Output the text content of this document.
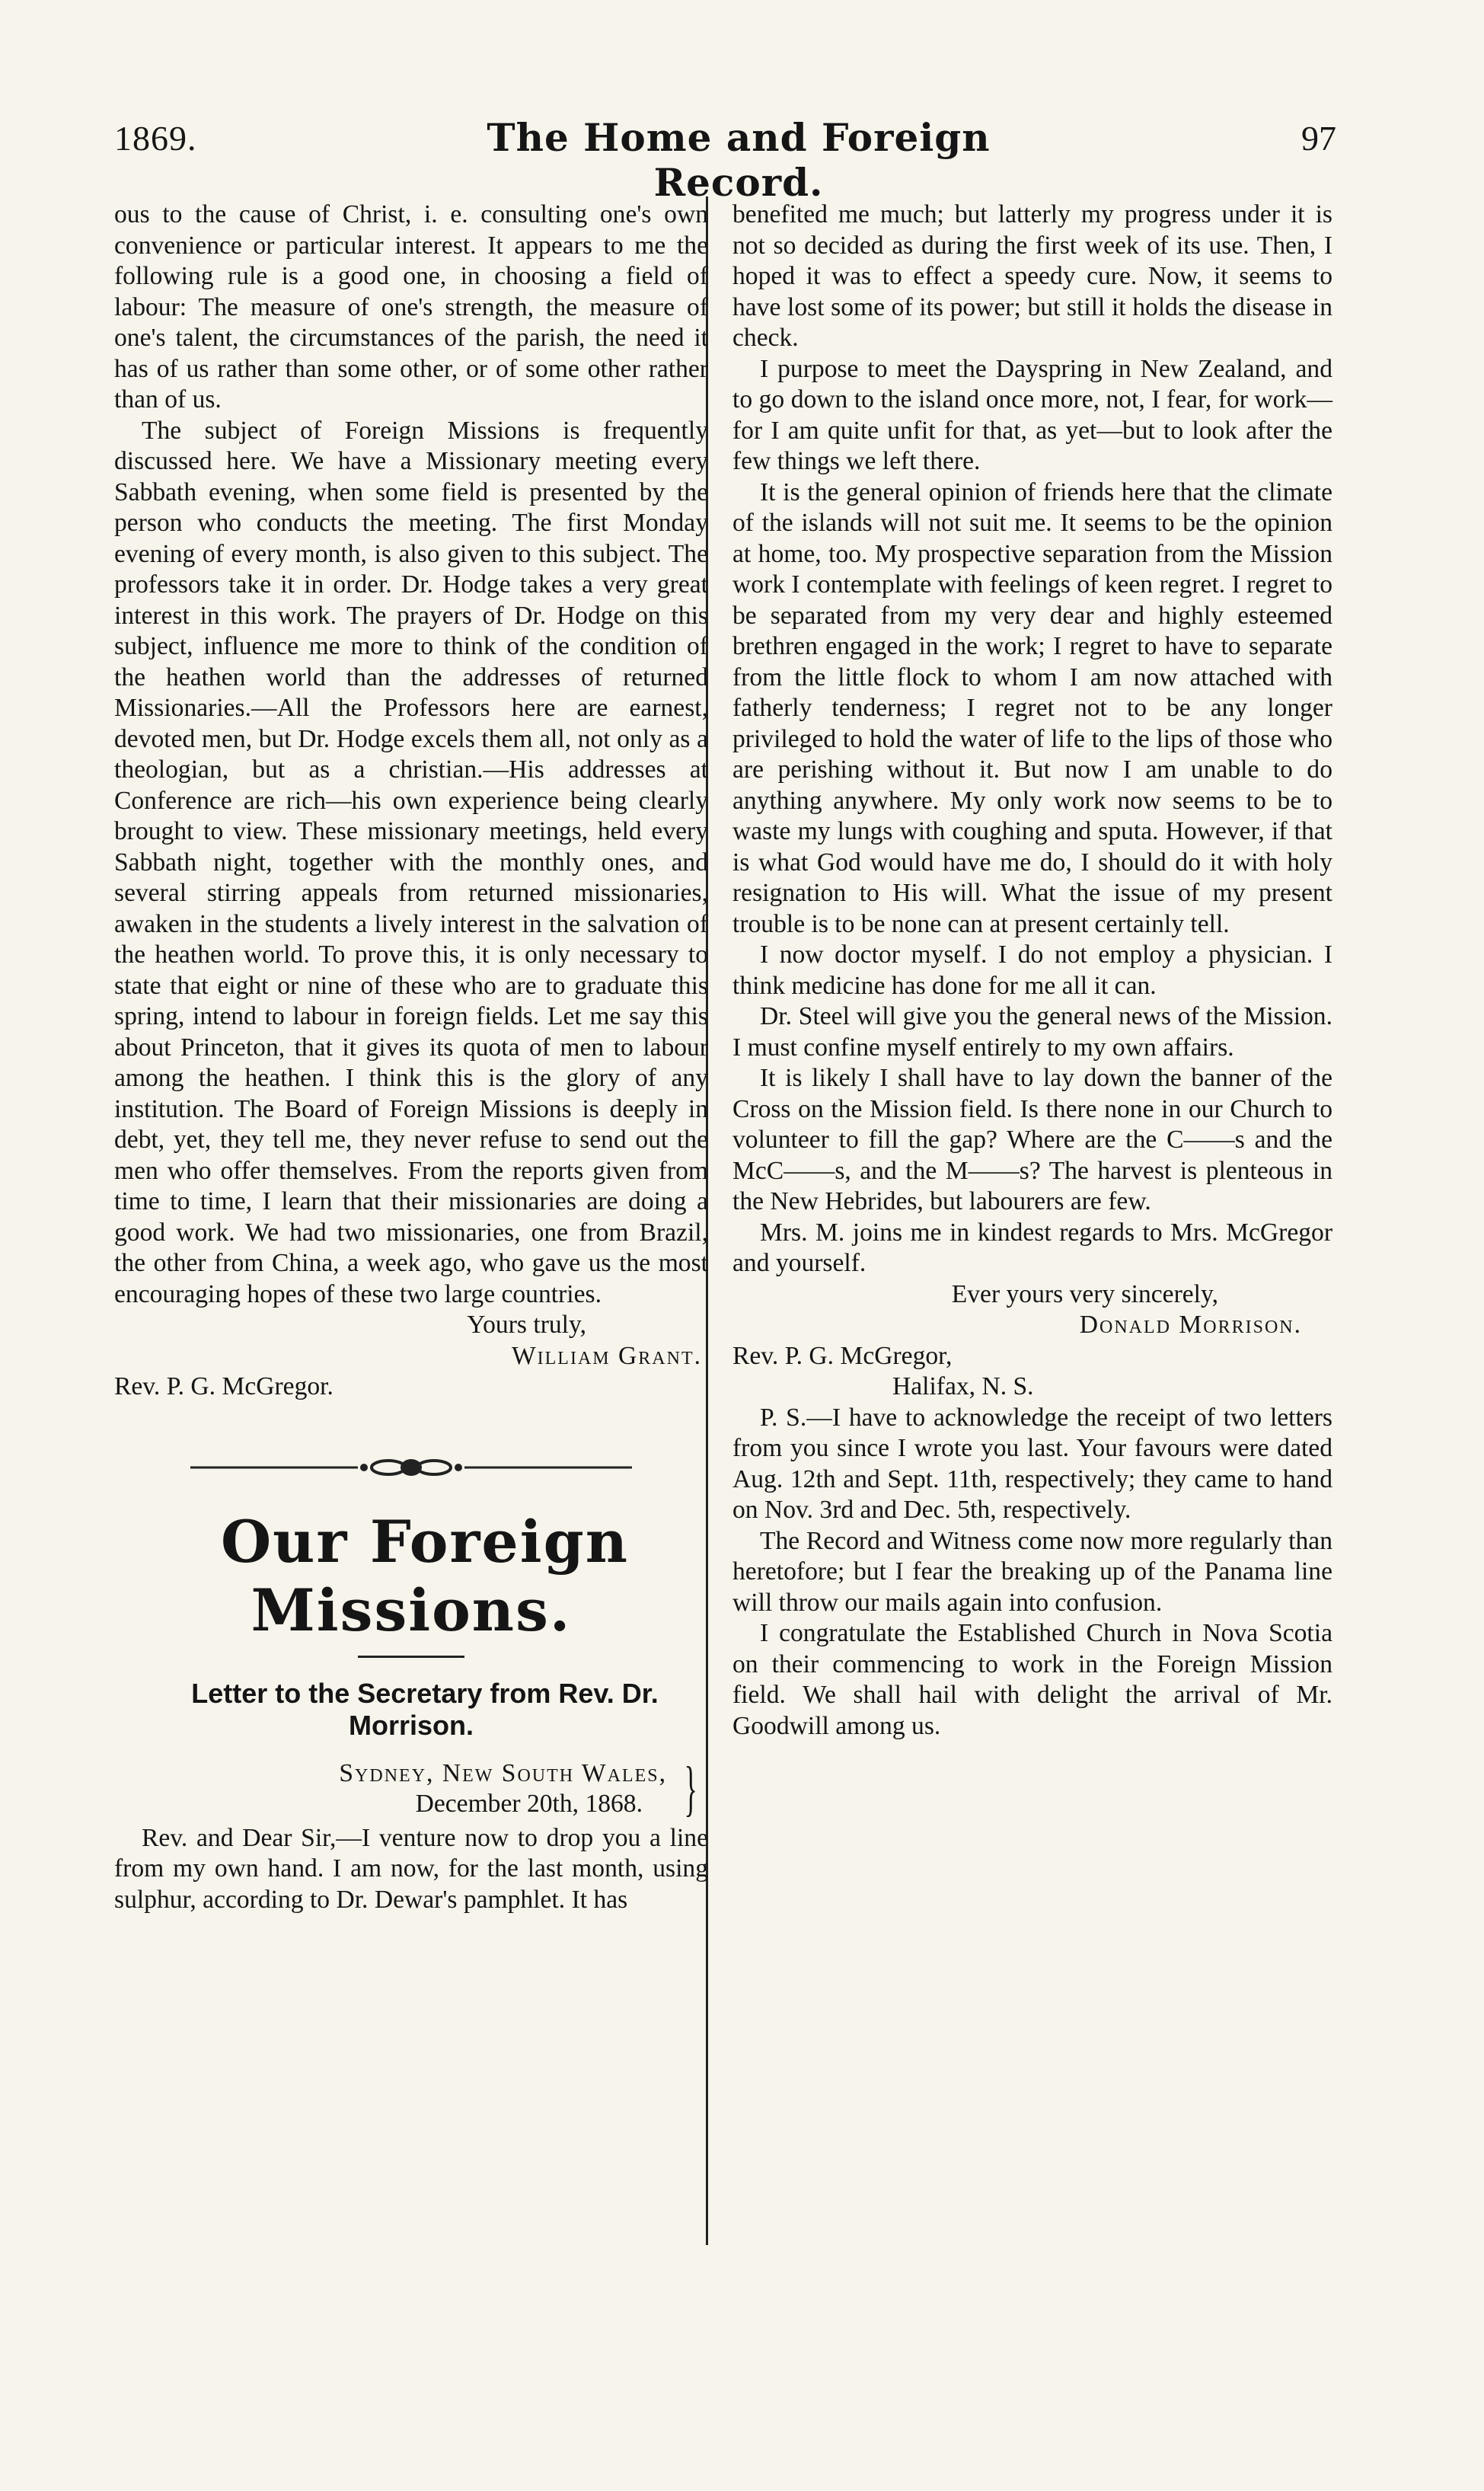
1869.	The Home and Foreign Record.
97

ous to the cause of Christ, i. e. consulting one's own convenience or particular interest. It appears to me the following rule is a good one, in choosing a field of labour: The measure of one's strength, the measure of one's talent, the circumstances of the parish, the need it has of us rather than some other, or of some other rather than of us.

The subject of Foreign Missions is frequently discussed here. We have a Missionary meeting every Sabbath evening, when some field is presented by the person who conducts the meeting. The first Monday evening of every month, is also given to this subject. The professors take it in order. Dr. Hodge takes a very great interest in this work. The prayers of Dr. Hodge on this subject, influence me more to think of the condition of the heathen world than the addresses of returned Missionaries.—All the Professors here are earnest, devoted men, but Dr. Hodge excels them all, not only as a theologian, but as a christian.—His addresses at Conference are rich—his own experience being clearly brought to view. These missionary meetings, held every Sabbath night, together with the monthly ones, and several stirring appeals from returned missionaries, awaken in the students a lively interest in the salvation of the heathen world. To prove this, it is only necessary to state that eight or nine of these who are to graduate this spring, intend to labour in foreign fields. Let me say this about Princeton, that it gives its quota of men to labour among the heathen. I think this is the glory of any institution. The Board of Foreign Missions is deeply in debt, yet, they tell me, they never refuse to send out the men who offer themselves. From the reports given from time to time, I learn that their missionaries are doing a good work. We had two missionaries, one from Brazil, the other from China, a week ago, who gave us the most encouraging hopes of these two large countries.

Yours truly,

William Grant.

Rev. P. G. McGregor.

Our Foreign Missions.

Letter to the Secretary from Rev. Dr. Morrison.

Sydney, New South Wales,
December 20th, 1868. }

Rev. and Dear Sir,—I venture now to drop you a line from my own hand. I am now, for the last month, using sulphur, according to Dr. Dewar's pamphlet. It has

benefited me much; but latterly my progress under it is not so decided as during the first week of its use. Then, I hoped it was to effect a speedy cure. Now, it seems to have lost some of its power; but still it holds the disease in check.

I purpose to meet the Dayspring in New Zealand, and to go down to the island once more, not, I fear, for work—for I am quite unfit for that, as yet—but to look after the few things we left there.

It is the general opinion of friends here that the climate of the islands will not suit me. It seems to be the opinion at home, too. My prospective separation from the Mission work I contemplate with feelings of keen regret. I regret to be separated from my very dear and highly esteemed brethren engaged in the work; I regret to have to separate from the little flock to whom I am now attached with fatherly tenderness; I regret not to be any longer privileged to hold the water of life to the lips of those who are perishing without it. But now I am unable to do anything anywhere. My only work now seems to be to waste my lungs with coughing and sputa. However, if that is what God would have me do, I should do it with holy resignation to His will. What the issue of my present trouble is to be none can at present certainly tell.

I now doctor myself. I do not employ a physician. I think medicine has done for me all it can.

Dr. Steel will give you the general news of the Mission. I must confine myself entirely to my own affairs.

It is likely I shall have to lay down the banner of the Cross on the Mission field. Is there none in our Church to volunteer to fill the gap? Where are the C——s and the McC——s, and the M——s? The harvest is plenteous in the New Hebrides, but labourers are few.

Mrs. M. joins me in kindest regards to Mrs. McGregor and yourself.

Ever yours very sincerely,

Donald Morrison.

Rev. P. G. McGregor,

Halifax, N. S.

P. S.—I have to acknowledge the receipt of two letters from you since I wrote you last. Your favours were dated Aug. 12th and Sept. 11th, respectively; they came to hand on Nov. 3rd and Dec. 5th, respectively.

The Record and Witness come now more regularly than heretofore; but I fear the breaking up of the Panama line will throw our mails again into confusion.

I congratulate the Established Church in Nova Scotia on their commencing to work in the Foreign Mission field. We shall hail with delight the arrival of Mr. Goodwill among us.
